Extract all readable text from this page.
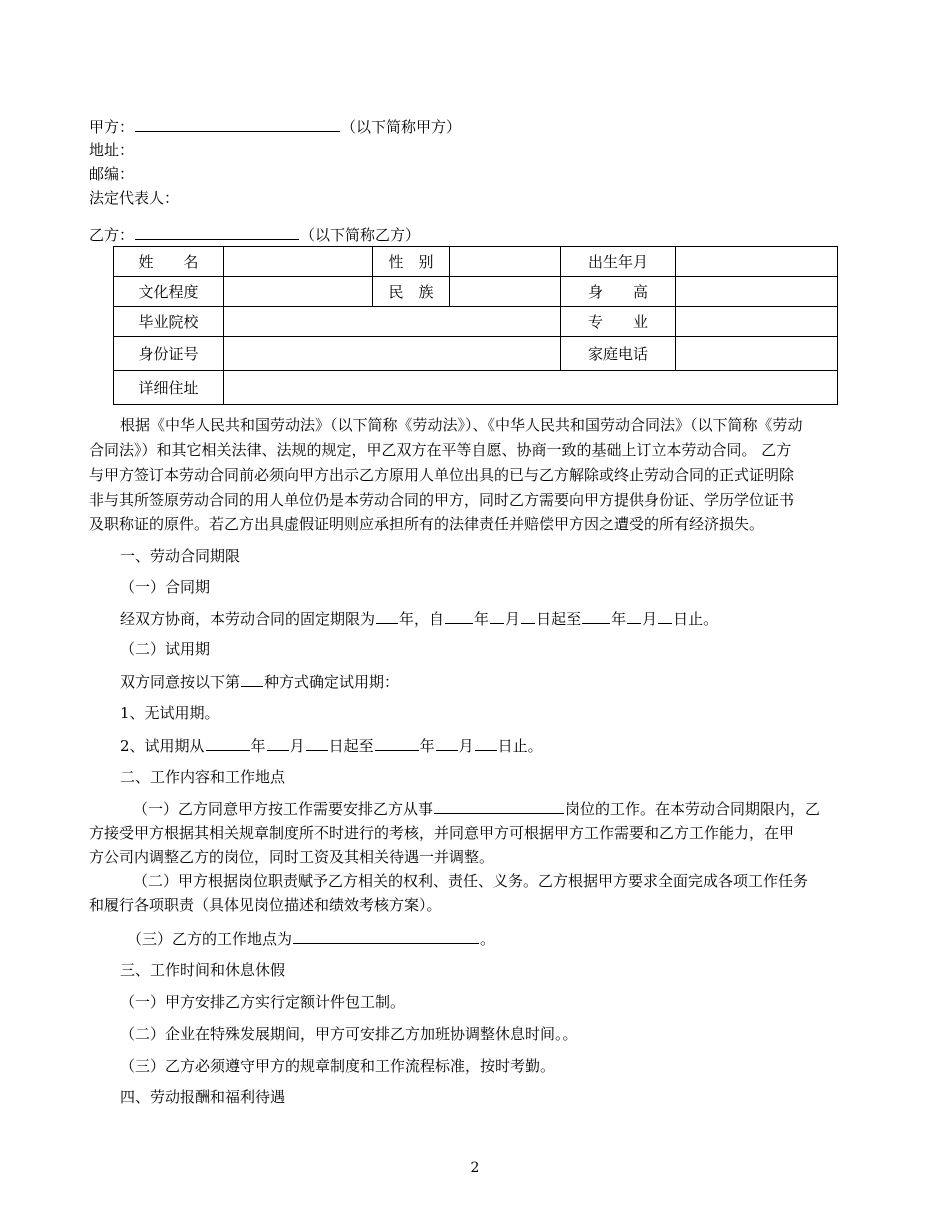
甲方：	（以下简称甲方）
地址：
邮编：
法定代表人：
乙方：	（以下简称乙方）
姓　　名		性　别		出生年月	
文化程度		民　族		身　　高	
毕业院校				专　　业	
身份证号				家庭电话	
详细住址					
根据《中华人民共和国劳动法》（以下简称《劳动法》）、《中华人民共和国劳动合同法》（以下简称《劳动
合同法》）和其它相关法律、法规的规定，甲乙双方在平等自愿、协商一致的基础上订立本劳动合同。 乙方
与甲方签订本劳动合同前必须向甲方出示乙方原用人单位出具的已与乙方解除或终止劳动合同的正式证明除
非与其所签原劳动合同的用人单位仍是本劳动合同的甲方，同时乙方需要向甲方提供身份证、学历学位证书
及职称证的原件。若乙方出具虚假证明则应承担所有的法律责任并赔偿甲方因之遭受的所有经济损失。
一、劳动合同期限
（一）合同期
经双方协商，本劳动合同的固定期限为 年，自 年 月 日起至 年 月 日止。
（二）试用期
双方同意按以下第 种方式确定试用期：
1、无试用期。
2、试用期从	年 月 日起至	年 月 日止。
二、工作内容和工作地点
（一）乙方同意甲方按工作需要安排乙方从事	岗位的工作。在本劳动合同期限内，乙
方接受甲方根据其相关规章制度所不时进行的考核，并同意甲方可根据甲方工作需要和乙方工作能力，在甲
方公司内调整乙方的岗位，同时工资及其相关待遇一并调整。
（二）甲方根据岗位职责赋予乙方相关的权利、责任、义务。乙方根据甲方要求全面完成各项工作任务
和履行各项职责（具体见岗位描述和绩效考核方案）。
（三）乙方的工作地点为	。
三、工作时间和休息休假
（一）甲方安排乙方实行定额计件包工制。
（二）企业在特殊发展期间，甲方可安排乙方加班协调整休息时间。。
（三）乙方必须遵守甲方的规章制度和工作流程标准，按时考勤。
四、劳动报酬和福利待遇
2
